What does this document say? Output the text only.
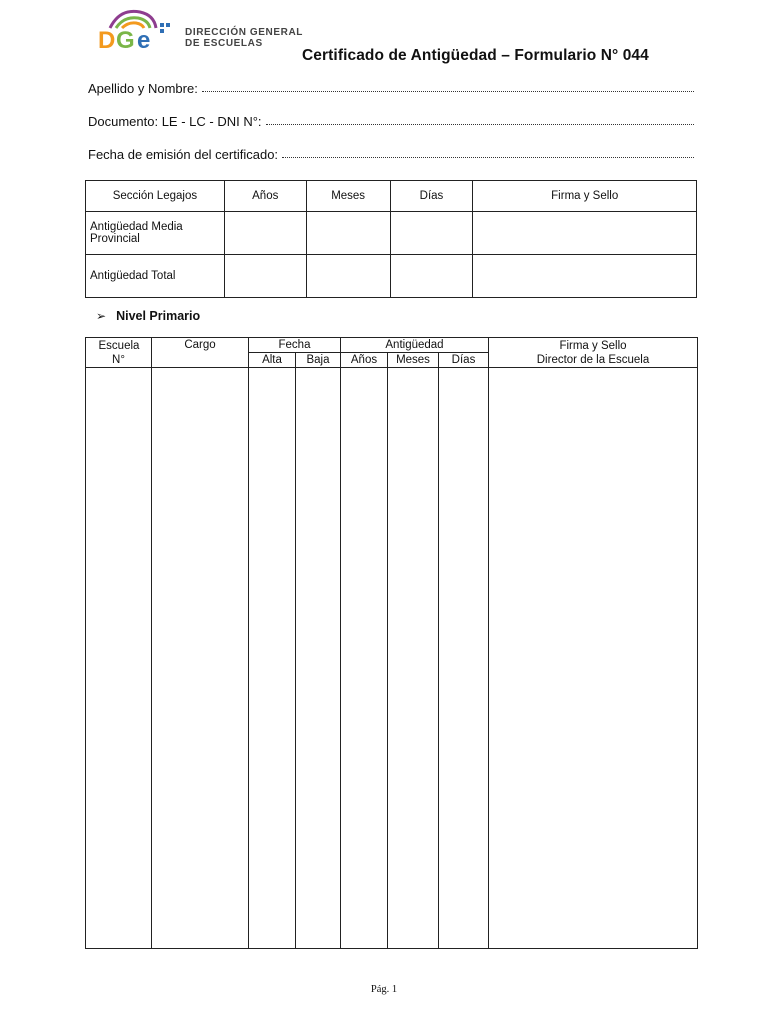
D G e	DIRECCIÓN GENERAL
DE ESCUELAS
Certificado de Antigüedad – Formulario N° 044
Apellido y Nombre:
Documento: LE - LC - DNI N°:
Fecha de emisión del certificado:
Sección Legajos	Años	Meses	Días	Firma y Sello
Antigüedad Media Provincial				
Antigüedad Total				
➢ Nivel Primario
Escuela N°	Cargo	Fecha		Antigüedad			Firma y Sello
Director de la Escuela

		Alta	Baja	Años	Meses	Días	

Pág. 1
